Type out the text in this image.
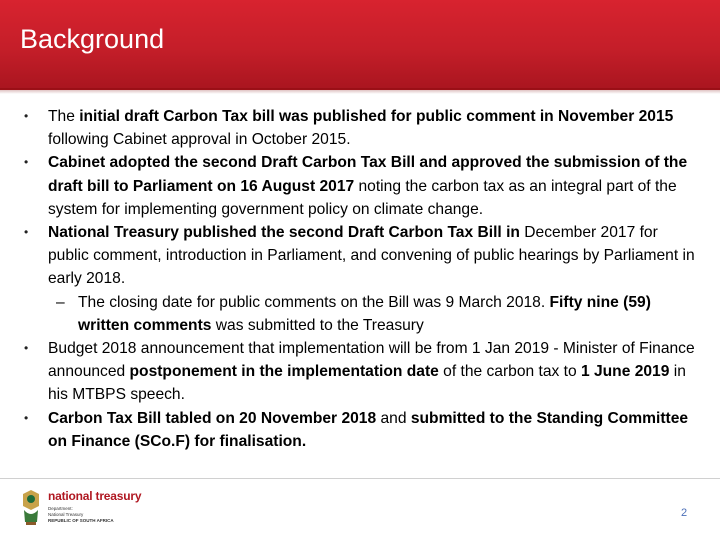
Background
• The initial draft Carbon Tax bill was published for public comment in November 2015 following Cabinet approval in October 2015.
• Cabinet adopted the second Draft Carbon Tax Bill and approved the submission of the draft bill to Parliament on 16 August 2017 noting the carbon tax as an integral part of the system for implementing government policy on climate change.
• National Treasury published the second Draft Carbon Tax Bill in December 2017 for public comment, introduction in Parliament, and convening of public hearings by Parliament in early 2018.
– The closing date for public comments on the Bill was 9 March 2018. Fifty nine (59) written comments was submitted to the Treasury
• Budget 2018 announcement that implementation will be from 1 Jan 2019 - Minister of Finance announced postponement in the implementation date of the carbon tax to 1 June 2019 in his MTBPS speech.
• Carbon Tax Bill tabled on 20 November 2018 and submitted to the Standing Committee on Finance (SCo.F) for finalisation.
national treasury
Department:
National Treasury
REPUBLIC OF SOUTH AFRICA
2
